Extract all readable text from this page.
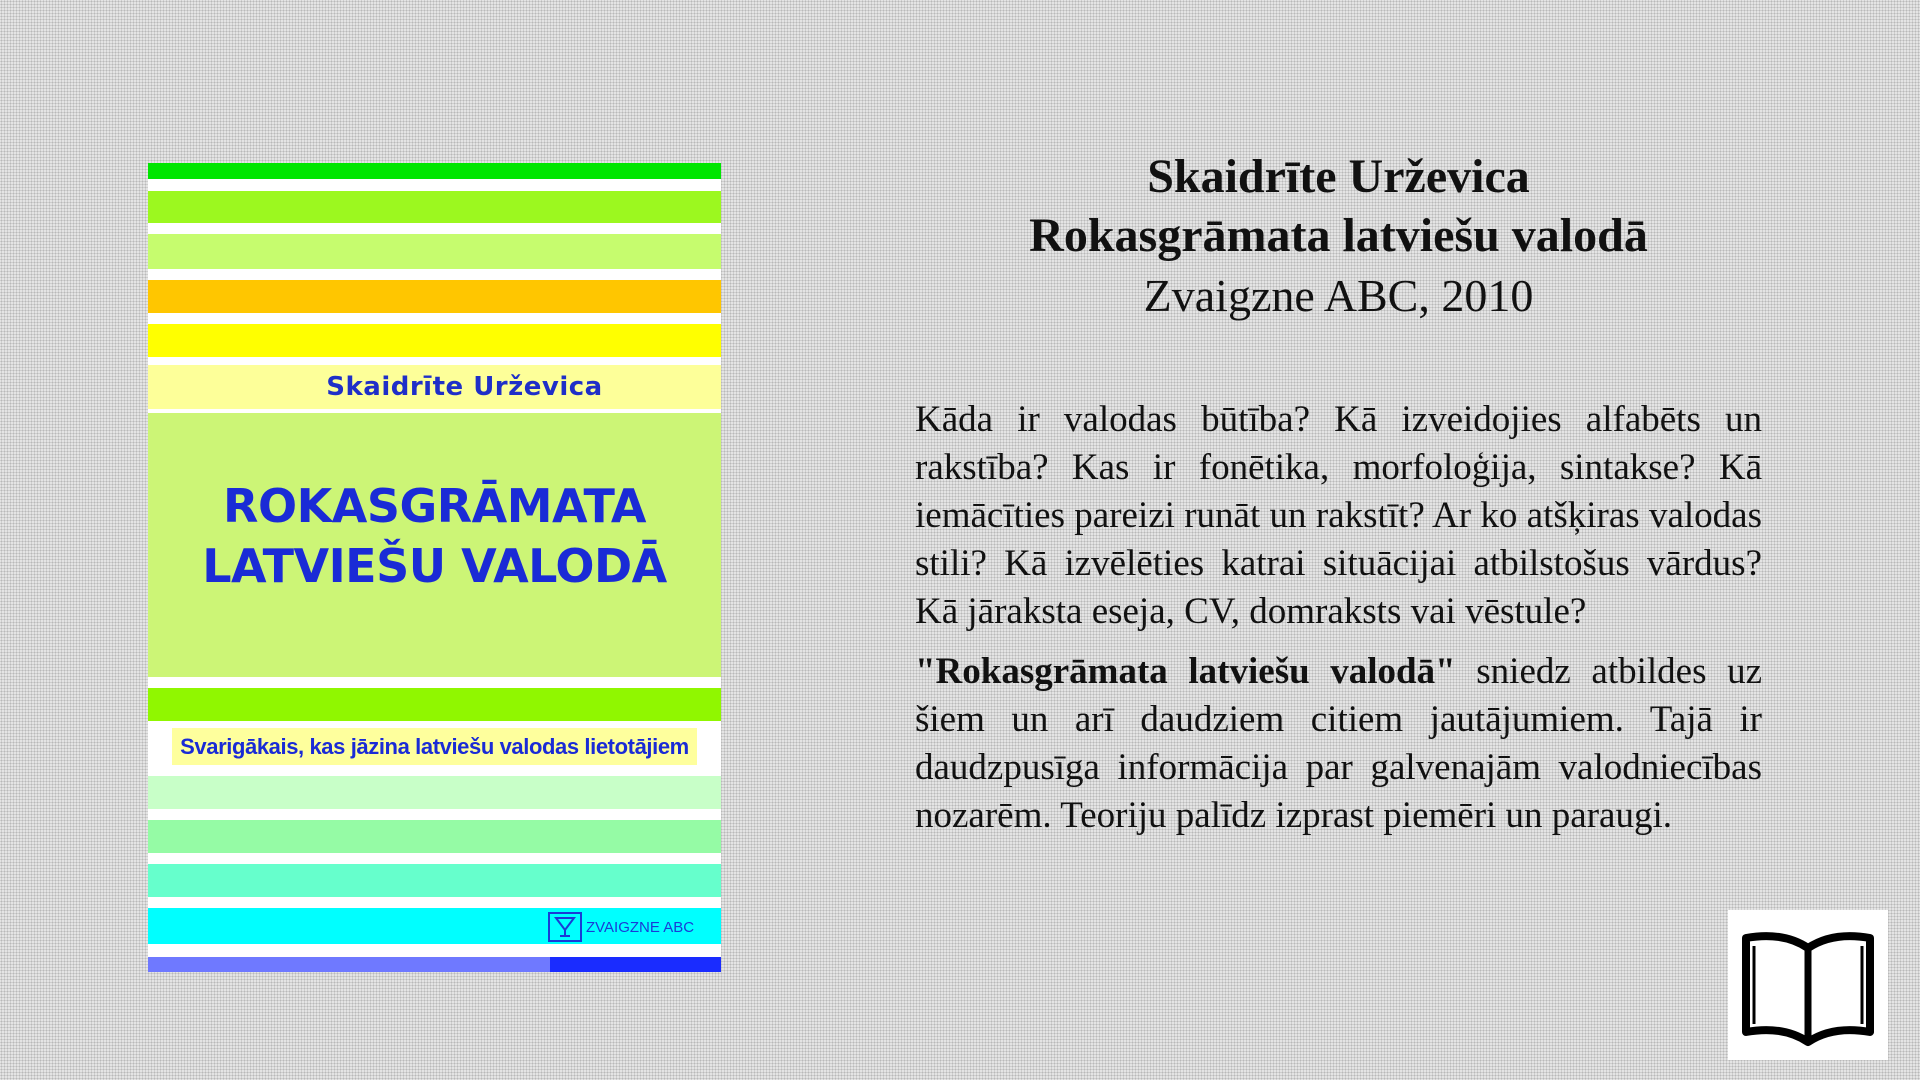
Skaidrīte Urževica
ROKASGRĀMATA
LATVIEŠU VALODĀ
Svarigākais, kas jāzina latviešu valodas lietotājiem
ZVAIGZNE ABC
Skaidrīte Urževica
Rokasgrāmata latviešu valodā
Zvaigzne ABC, 2010

Kāda ir valodas būtība? Kā izveidojies alfabēts un rakstība? Kas ir fonētika, morfoloģija, sintakse? Kā iemācīties pareizi runāt un rakstīt? Ar ko atšķiras valodas stili? Kā izvēlēties katrai situācijai atbilstošus vārdus? Kā jāraksta eseja, CV, domraksts vai vēstule?

"Rokasgrāmata latviešu valodā" sniedz atbildes uz šiem un arī daudziem citiem jautājumiem. Tajā ir daudzpusīga informācija par galvenajām valodniecības nozarēm. Teoriju palīdz izprast piemēri un paraugi.
